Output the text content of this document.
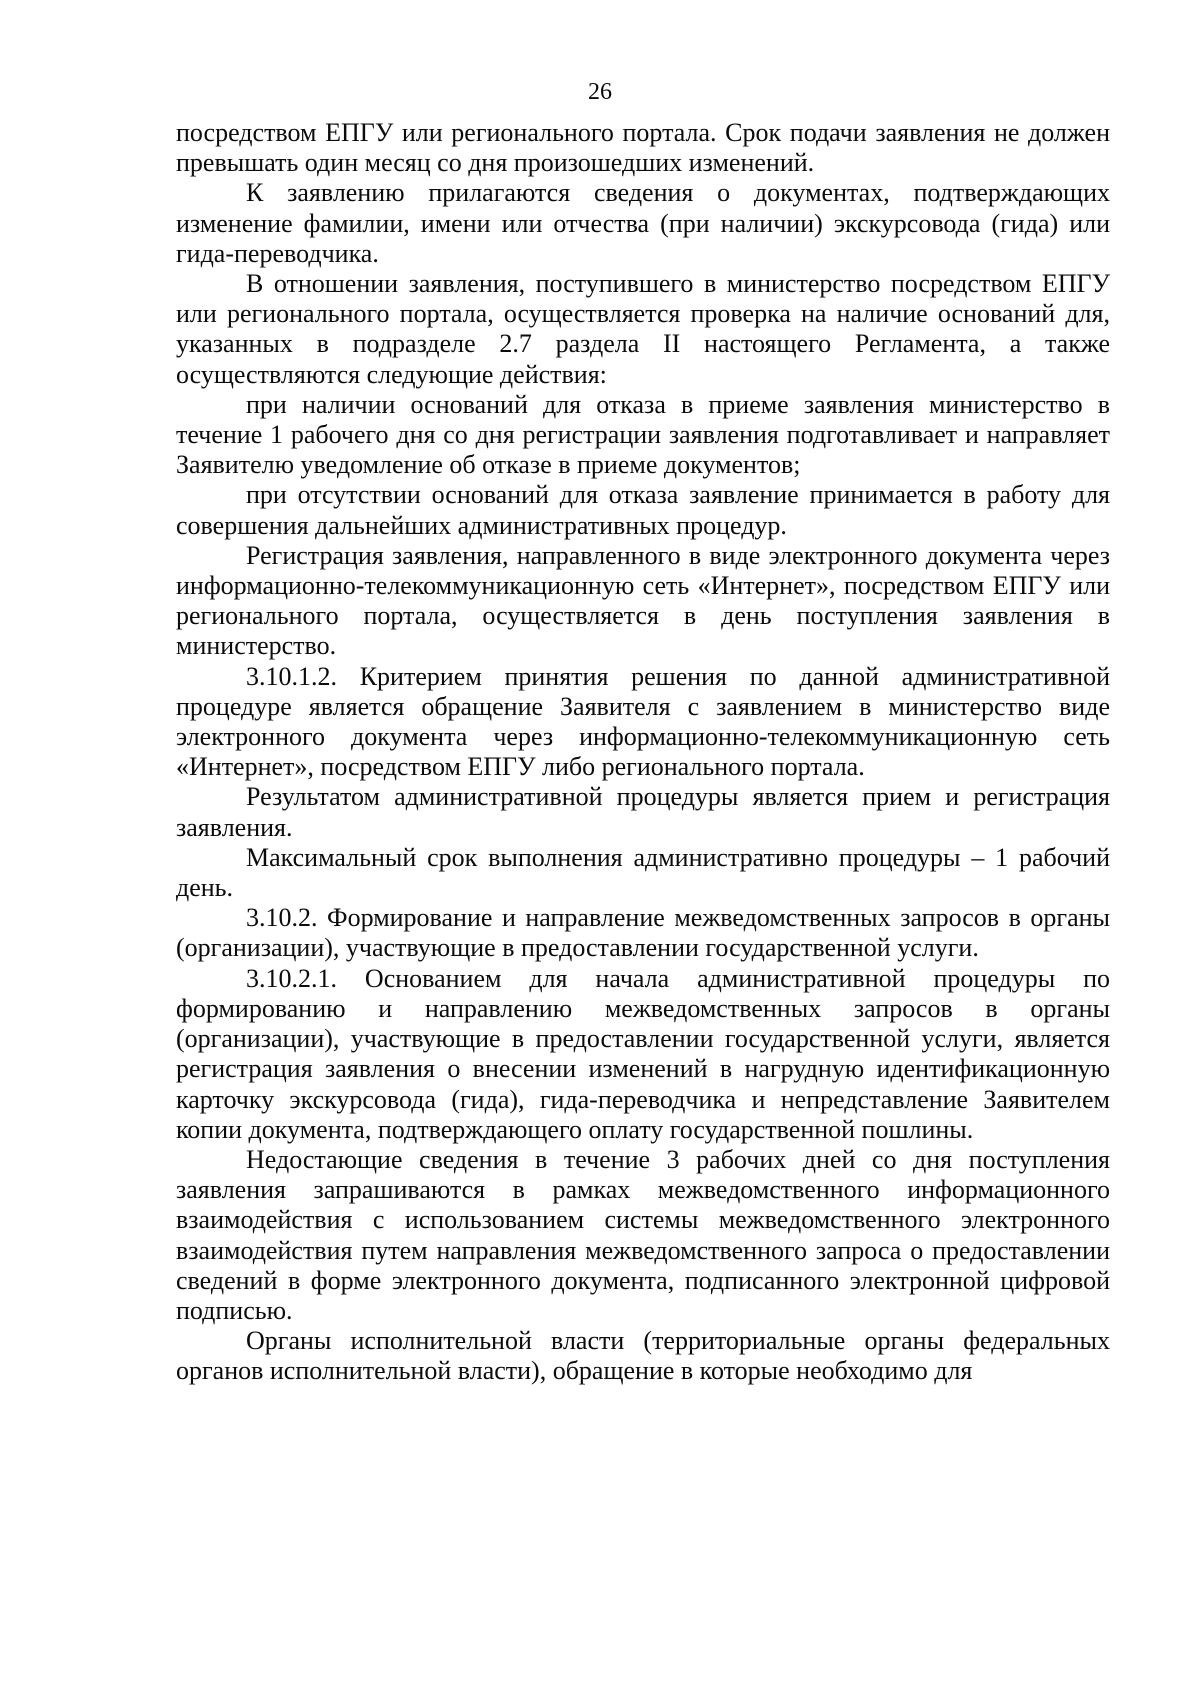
26

посредством ЕПГУ или регионального портала. Срок подачи заявления не должен превышать один месяц со дня произошедших изменений.

К заявлению прилагаются сведения о документах, подтверждающих изменение фамилии, имени или отчества (при наличии) экскурсовода (гида) или гида-переводчика.

В отношении заявления, поступившего в министерство посредством ЕПГУ или регионального портала, осуществляется проверка на наличие оснований для, указанных в подразделе 2.7 раздела II настоящего Регламента, а также осуществляются следующие действия:

при наличии оснований для отказа в приеме заявления министерство в течение 1 рабочего дня со дня регистрации заявления подготавливает и направляет Заявителю уведомление об отказе в приеме документов;

при отсутствии оснований для отказа заявление принимается в работу для совершения дальнейших административных процедур.

Регистрация заявления, направленного в виде электронного документа через информационно-телекоммуникационную сеть «Интернет», посредством ЕПГУ или регионального портала, осуществляется в день поступления заявления в министерство.

3.10.1.2. Критерием принятия решения по данной административной процедуре является обращение Заявителя с заявлением в министерство виде электронного документа через информационно-телекоммуникационную сеть «Интернет», посредством ЕПГУ либо регионального портала.

Результатом административной процедуры является прием и регистрация заявления.

Максимальный срок выполнения административно процедуры – 1 рабочий день.

3.10.2. Формирование и направление межведомственных запросов в органы (организации), участвующие в предоставлении государственной услуги.

3.10.2.1. Основанием для начала административной процедуры по формированию и направлению межведомственных запросов в органы (организации), участвующие в предоставлении государственной услуги, является регистрация заявления о внесении изменений в нагрудную идентификационную карточку экскурсовода (гида), гида-переводчика и непредставление Заявителем копии документа, подтверждающего оплату государственной пошлины.

Недостающие сведения в течение 3 рабочих дней со дня поступления заявления запрашиваются в рамках межведомственного информационного взаимодействия с использованием системы межведомственного электронного взаимодействия путем направления межведомственного запроса о предоставлении сведений в форме электронного документа, подписанного электронной цифровой подписью.

Органы исполнительной власти (территориальные органы федеральных органов исполнительной власти), обращение в которые необходимо для
